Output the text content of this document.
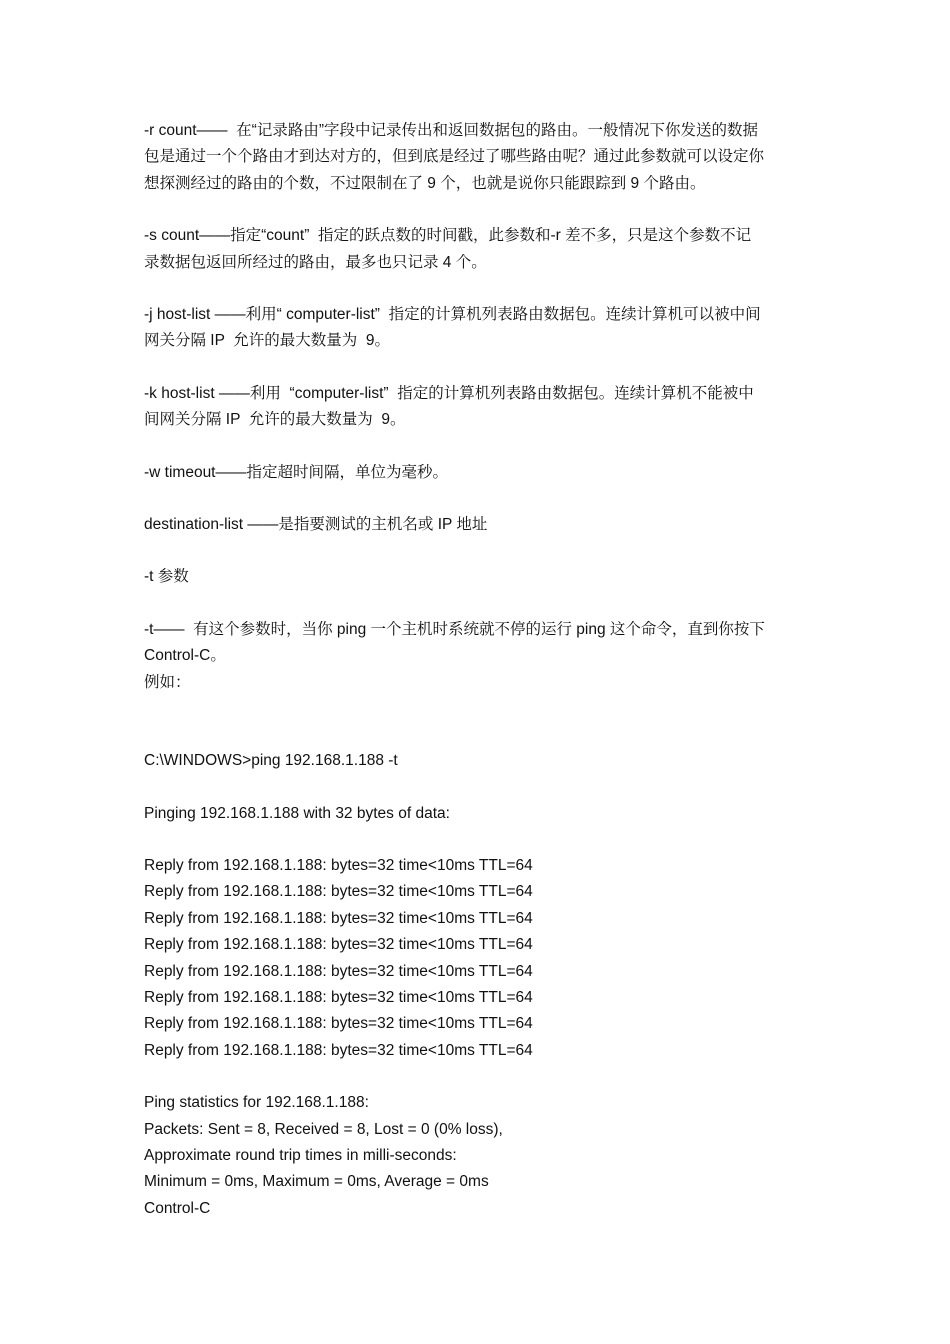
-r count——  在“记录路由”字段中记录传出和返回数据包的路由。一般情况下你发送的数据
包是通过一个个路由才到达对方的，但到底是经过了哪些路由呢？通过此参数就可以设定你
想探测经过的路由的个数，不过限制在了 9 个，也就是说你只能跟踪到 9 个路由。
-s count——指定“count”  指定的跃点数的时间戳，此参数和-r 差不多，只是这个参数不记
录数据包返回所经过的路由，最多也只记录 4 个。
-j host-list ——利用“ computer-list”  指定的计算机列表路由数据包。连续计算机可以被中间
网关分隔 IP  允许的最大数量为  9。
-k host-list ——利用  “computer-list”  指定的计算机列表路由数据包。连续计算机不能被中
间网关分隔 IP  允许的最大数量为  9。
-w timeout——指定超时间隔，单位为毫秒。
destination-list ——是指要测试的主机名或 IP 地址
-t 参数
-t——  有这个参数时，当你 ping 一个主机时系统就不停的运行 ping 这个命令，直到你按下
Control-C。
例如：
C:\WINDOWS>ping 192.168.1.188 -t
Pinging 192.168.1.188 with 32 bytes of data:
Reply from 192.168.1.188: bytes=32 time<10ms TTL=64
Reply from 192.168.1.188: bytes=32 time<10ms TTL=64
Reply from 192.168.1.188: bytes=32 time<10ms TTL=64
Reply from 192.168.1.188: bytes=32 time<10ms TTL=64
Reply from 192.168.1.188: bytes=32 time<10ms TTL=64
Reply from 192.168.1.188: bytes=32 time<10ms TTL=64
Reply from 192.168.1.188: bytes=32 time<10ms TTL=64
Reply from 192.168.1.188: bytes=32 time<10ms TTL=64
Ping statistics for 192.168.1.188:
Packets: Sent = 8, Received = 8, Lost = 0 (0% loss),
Approximate round trip times in milli-seconds:
Minimum = 0ms, Maximum = 0ms, Average = 0ms
Control-C
